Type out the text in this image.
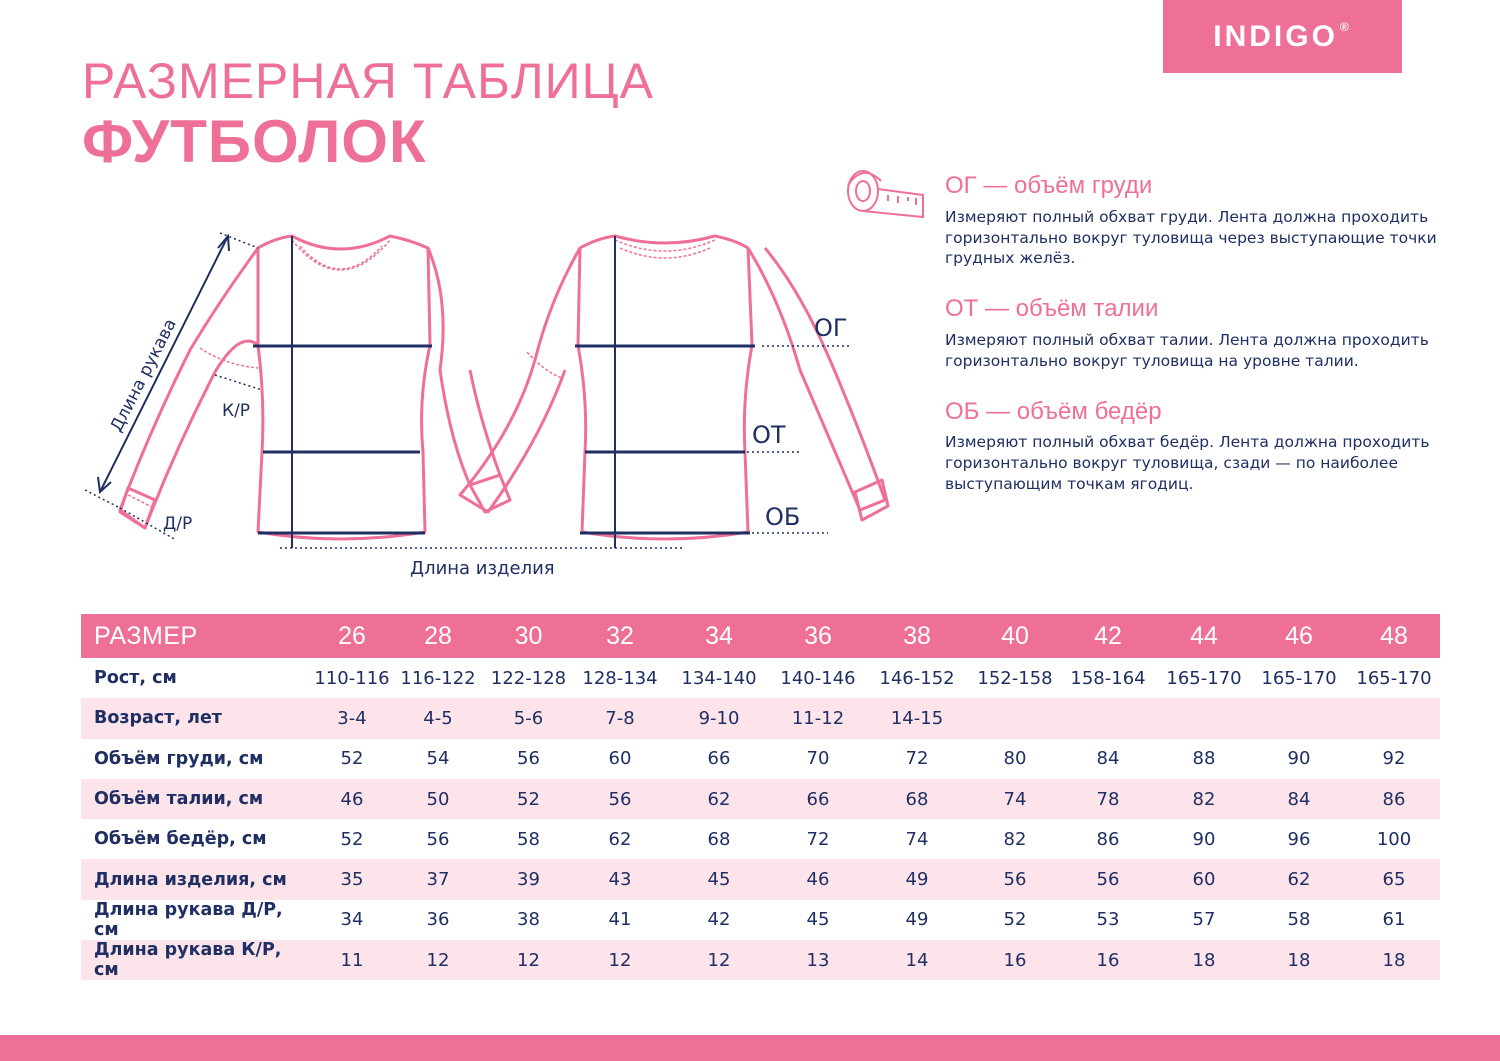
INDIGO ®
РАЗМЕРНАЯ ТАБЛИЦА
ФУТБОЛОК
Длина рукава К/Р
Д/Р
Длина изделия
ОГ
ОТ
ОБ
ОГ — объём груди

Измеряют полный обхват груди. Лента должна проходить горизонтально вокруг туловища через выступающие точки грудных желёз.

ОТ — объём талии

Измеряют полный обхват талии. Лента должна проходить горизонтально вокруг туловища на уровне талии.

ОБ — объём бедёр

Измеряют полный обхват бедёр. Лента должна проходить горизонтально вокруг туловища, сзади — по наиболее выступающим точкам ягодиц.

РАЗМЕР	26	28	30	32	34	36	38	40	42	44	46	48
Рост, см	110-116	116-122	122-128	128-134	134-140	140-146	146-152	152-158	158-164	165-170	165-170	165-170
Возраст, лет	3-4	4-5	5-6	7-8	9-10	11-12	14-15					
Объём груди, см	52	54	56	60	66	70	72	80	84	88	90	92
Объём талии, см	46	50	52	56	62	66	68	74	78	82	84	86
Объём бедёр, см	52	56	58	62	68	72	74	82	86	90	96	100
Длина изделия, см	35	37	39	43	45	46	49	56	56	60	62	65
Длина рукава Д/Р, см	34	36	38	41	42	45	49	52	53	57	58	61
Длина рукава К/Р, см	11	12	12	12	12	13	14	16	16	18	18	18
